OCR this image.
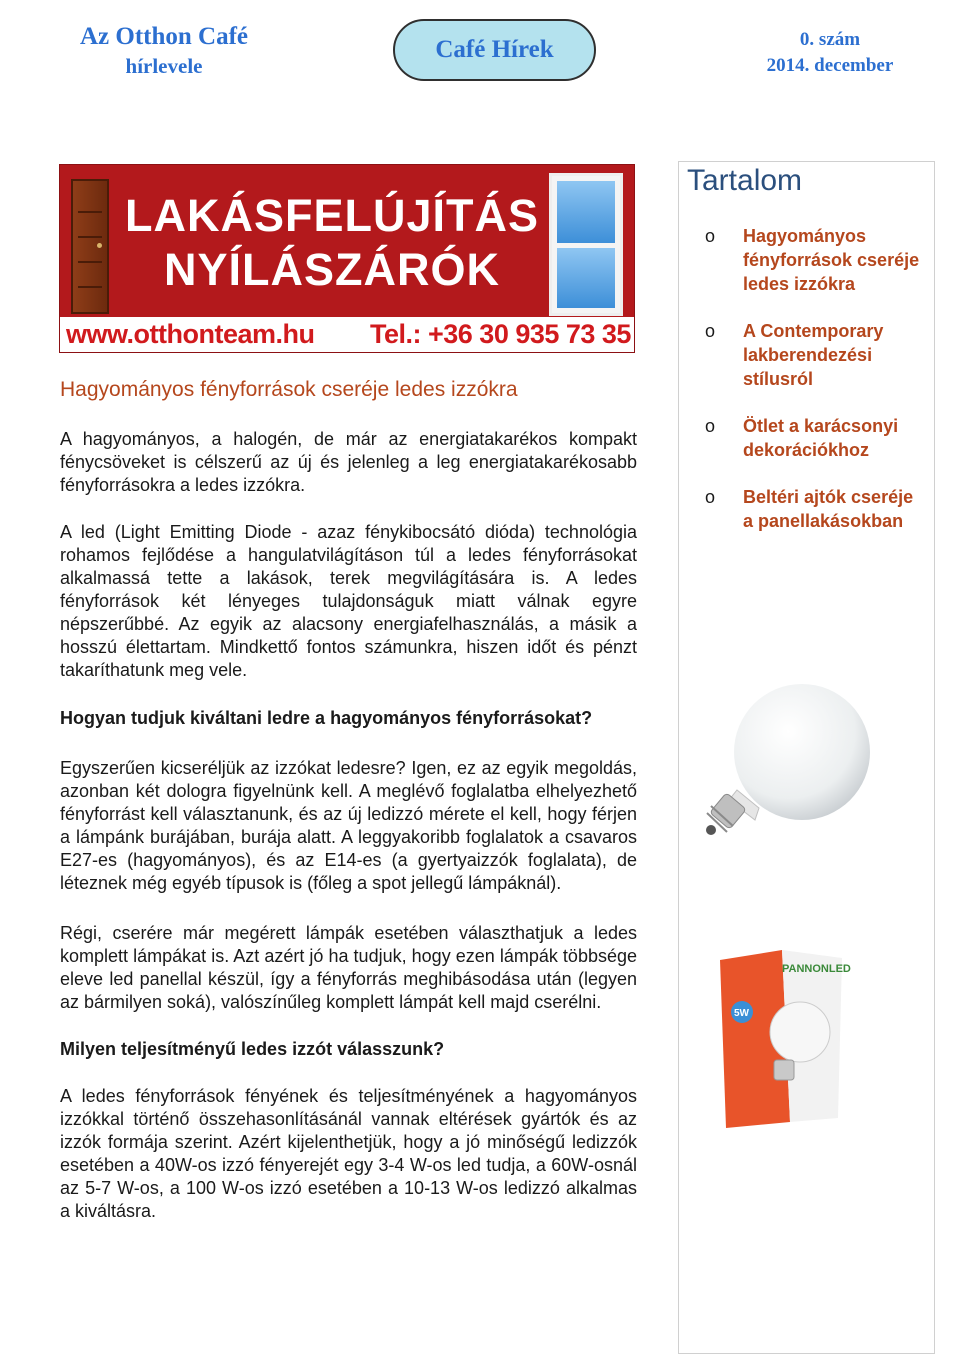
Az Otthon Café
hírlevele
Café Hírek	0. szám
2014. december
LAKÁSFELÚJÍTÁS
NYÍLÁSZÁRÓK
www.otthonteam.hu Tel.: +36 30 935 73 35
Hagyományos fényforrások cseréje ledes izzókra

A hagyományos, a halogén, de már az energiatakarékos kompakt fénycsöveket is célszerű az új és jelenleg a leg energiatakarékosabb fényforrásokra a ledes izzókra.

A led (Light Emitting Diode - azaz fénykibocsátó dióda) technológia rohamos fejlődése a hangulatvilágításon túl a ledes fényforrásokat alkalmassá tette a lakások, terek megvilágítására is. A ledes fényforrások két lényeges tulajdonságuk miatt válnak egyre népszerűbbé. Az egyik az alacsony energiafelhasználás, a másik a hosszú élettartam. Mindkettő fontos számunkra, hiszen időt és pénzt takaríthatunk meg vele.

Hogyan tudjuk kiváltani ledre a hagyományos fényforrásokat?

Egyszerűen kicseréljük az izzókat ledesre? Igen, ez az egyik megoldás, azonban két dologra figyelnünk kell. A meglévő foglalatba elhelyezhető fényforrást kell választanunk, és az új ledizzó mérete el kell, hogy férjen a lámpánk burájában, burája alatt. A leggyakoribb foglalatok a csavaros E27-es (hagyományos), és az E14-es (a gyertyaizzók foglalata), de léteznek még egyéb típusok is (főleg a spot jellegű lámpáknál).

Régi, cserére már megérett lámpák esetében választhatjuk a ledes komplett lámpákat is. Azt azért jó ha tudjuk, hogy ezen lámpák többsége eleve led panellal készül, így a fényforrás meghibásodása után (legyen az bármilyen soká), valószínűleg komplett lámpát kell majd cserélni.

Milyen teljesítményű ledes izzót válasszunk?

A ledes fényforrások fényének és teljesítményének a hagyományos izzókkal történő összehasonlításánál vannak eltérések gyártók és az izzók formája szerint. Azért kijelenthetjük, hogy a jó minőségű ledizzók esetében a 40W-os izzó fényerejét egy 3-4 W-os led tudja, a 60W-osnál az 5-7 W-os, a 100 W-os izzó esetében a 10-13 W-os ledizzó alkalmas a kiváltásra.

Tartalom
o Hagyományos fényforrások cseréje ledes izzókra
o A Contemporary lakberendezési stílusról
o Ötlet a karácsonyi dekorációkhoz
o Beltéri ajtók cseréje a panellakásokban
PANNONLED
5W
